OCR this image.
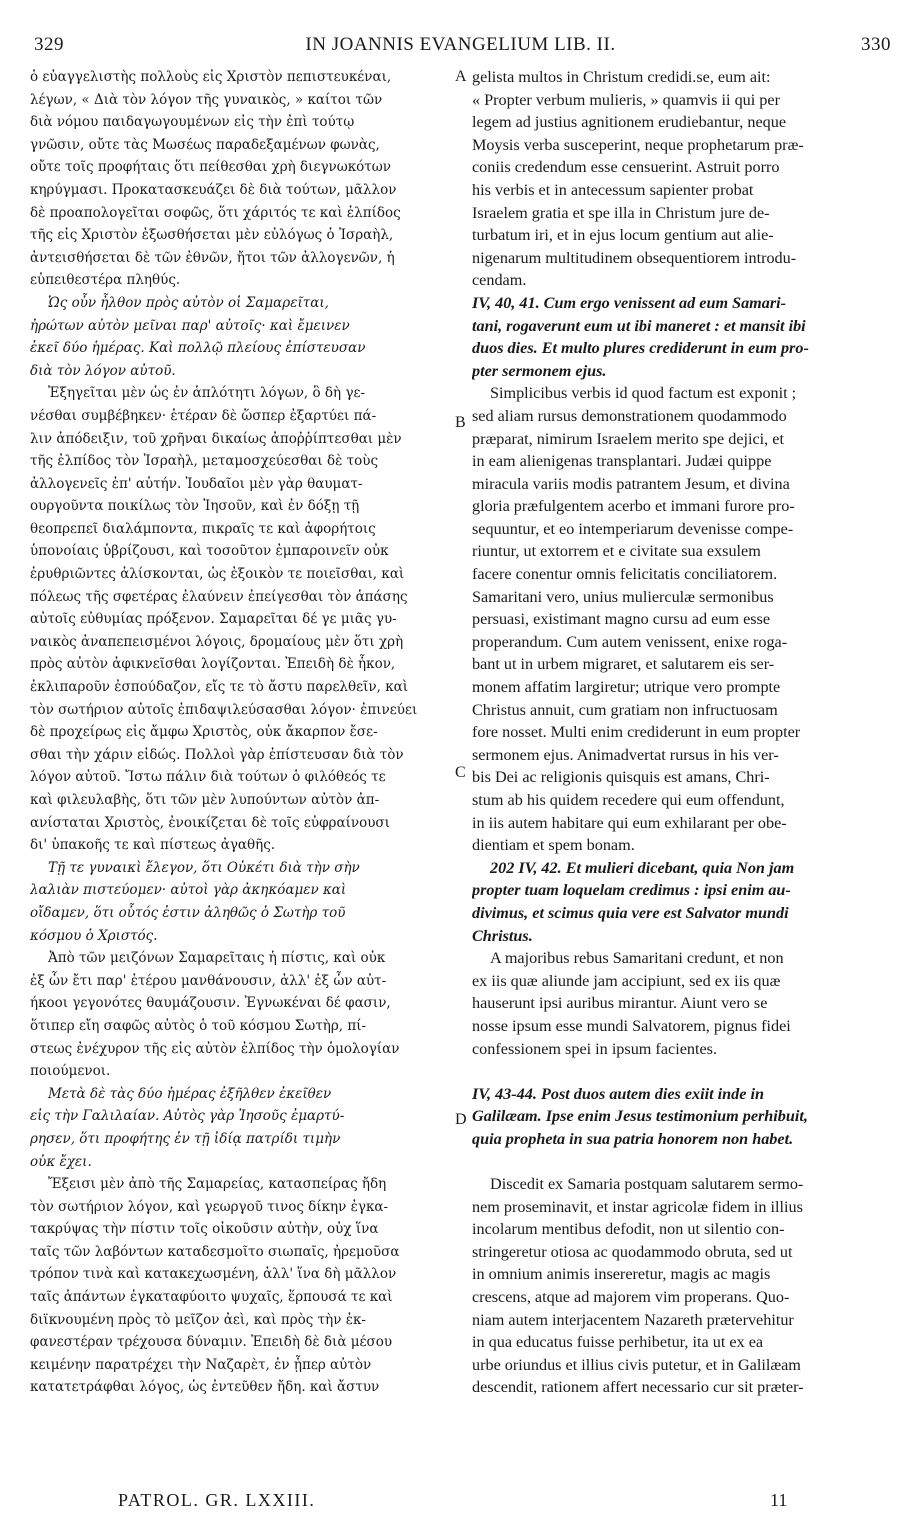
329	IN JOANNIS EVANGELIUM LIB. II.	330
ὁ εὐαγγελιστὴς πολλοὺς εἰς Χριστὸν πεπιστευκέναι,
λέγων, « Διὰ τὸν λόγον τῆς γυναικὸς, » καίτοι τῶν
διὰ νόμου παιδαγωγουμένων εἰς τὴν ἐπὶ τούτῳ
γνῶσιν, οὔτε τὰς Μωσέως παραδεξαμένων φωνὰς,
οὔτε τοῖς προφήταις ὅτι πείθεσθαι χρὴ διεγνωκότων
κηρύγμασι. Προκατασκευάζει δὲ διὰ τούτων, μᾶλλον
δὲ προαπολογεῖται σοφῶς, ὅτι χάριτός τε καὶ ἐλπίδος
τῆς εἰς Χριστὸν ἐξωσθήσεται μὲν εὐλόγως ὁ Ἰσραὴλ,
ἀντεισθήσεται δὲ τῶν ἐθνῶν, ἤτοι τῶν ἀλλογενῶν, ἡ
εὐπειθεστέρα πληθύς.
Ὡς οὖν ἦλθον πρὸς αὐτὸν οἱ Σαμαρεῖται,
ἠρώτων αὐτὸν μεῖναι παρ' αὐτοῖς· καὶ ἔμεινεν
ἐκεῖ δύο ἡμέρας. Καὶ πολλῷ πλείους ἐπίστευσαν
διὰ τὸν λόγον αὐτοῦ.
Ἐξηγεῖται μὲν ὡς ἐν ἁπλότητι λόγων, ὃ δὴ γε-
νέσθαι συμβέβηκεν· ἑτέραν δὲ ὥσπερ ἐξαρτύει πά-
λιν ἀπόδειξιν, τοῦ χρῆναι δικαίως ἀποῤῥίπτεσθαι μὲν
τῆς ἐλπίδος τὸν Ἰσραὴλ, μεταμοσχεύεσθαι δὲ τοὺς
ἀλλογενεῖς ἐπ' αὐτήν. Ἰουδαῖοι μὲν γὰρ θαυματ-
ουργοῦντα ποικίλως τὸν Ἰησοῦν, καὶ ἐν δόξῃ τῇ
θεοπρεπεῖ διαλάμποντα, πικραῖς τε καὶ ἀφορήτοις
ὑπονοίαις ὑβρίζουσι, καὶ τοσοῦτον ἐμπαροινεῖν οὐκ
ἐρυθριῶντες ἁλίσκονται, ὡς ἐξοικὸν τε ποιεῖσθαι, καὶ
πόλεως τῆς σφετέρας ἐλαύνειν ἐπείγεσθαι τὸν ἁπάσης
αὐτοῖς εὐθυμίας πρόξενον. Σαμαρεῖται δέ γε μιᾶς γυ-
ναικὸς ἀναπεπεισμένοι λόγοις, δρομαίους μὲν ὅτι χρὴ
πρὸς αὐτὸν ἀφικνεῖσθαι λογίζονται. Ἐπειδὴ δὲ ἧκον,
ἐκλιπαροῦν ἐσπούδαζον, εἴς τε τὸ ἄστυ παρελθεῖν, καὶ
τὸν σωτήριον αὐτοῖς ἐπιδαψιλεύσασθαι λόγον· ἐπινεύει
δὲ προχείρως εἰς ἄμφω Χριστὸς, οὐκ ἄκαρπον ἔσε-
σθαι τὴν χάριν εἰδώς. Πολλοὶ γὰρ ἐπίστευσαν διὰ τὸν
λόγον αὐτοῦ. Ἴστω πάλιν διὰ τούτων ὁ φιλόθεός τε
καὶ φιλευλαβὴς, ὅτι τῶν μὲν λυπούντων αὐτὸν ἀπ-
ανίσταται Χριστὸς, ἐνοικίζεται δὲ τοῖς εὐφραίνουσι
δι' ὑπακοῆς τε καὶ πίστεως ἀγαθῆς.
Τῇ τε γυναικὶ ἔλεγον, ὅτι Οὐκέτι διὰ τὴν σὴν
λαλιὰν πιστεύομεν· αὐτοὶ γὰρ ἀκηκόαμεν καὶ
οἴδαμεν, ὅτι οὗτός ἐστιν ἀληθῶς ὁ Σωτὴρ τοῦ
κόσμου ὁ Χριστός.
Ἀπὸ τῶν μειζόνων Σαμαρεῖταις ἡ πίστις, καὶ οὐκ
ἐξ ὧν ἔτι παρ' ἑτέρου μανθάνουσιν, ἀλλ' ἐξ ὧν αὐτ-
ήκοοι γεγονότες θαυμάζουσιν. Ἐγνωκέναι δέ φασιν,
ὅτιπερ εἴη σαφῶς αὐτὸς ὁ τοῦ κόσμου Σωτὴρ, πί-
στεως ἐνέχυρον τῆς εἰς αὐτὸν ἐλπίδος τὴν ὁμολογίαν
ποιούμενοι.
Μετὰ δὲ τὰς δύο ἡμέρας ἐξῆλθεν ἐκεῖθεν
εἰς τὴν Γαλιλαίαν. Αὐτὸς γὰρ Ἰησοῦς ἐμαρτύ-
ρησεν, ὅτι προφήτης ἐν τῇ ἰδίᾳ πατρίδι τιμὴν
οὐκ ἔχει.
Ἔξεισι μὲν ἀπὸ τῆς Σαμαρείας, κατασπείρας ἤδη
τὸν σωτήριον λόγον, καὶ γεωργοῦ τινος δίκην ἐγκα-
τακρύψας τὴν πίστιν τοῖς οἰκοῦσιν αὐτὴν, οὐχ ἵνα
ταῖς τῶν λαβόντων καταδεσμοῖτο σιωπαῖς, ἠρεμοῦσα
τρόπον τινὰ καὶ κατακεχωσμένη, ἀλλ' ἵνα δὴ μᾶλλον
ταῖς ἁπάντων ἐγκαταφύοιτο ψυχαῖς, ἕρπουσά τε καὶ
διϊκνουμένη πρὸς τὸ μεῖζον ἀεὶ, καὶ πρὸς τὴν ἐκ-
φανεστέραν τρέχουσα δύναμιν. Ἐπειδὴ δὲ διὰ μέσου
κειμένην παρατρέχει τὴν Ναζαρὲτ, ἐν ᾗπερ αὐτὸν
κατατετράφθαι λόγος, ὡς ἐντεῦθεν ἤδη. καὶ ἄστυν
gelista multos in Christum credidi.se, eum ait:
« Propter verbum mulieris, » quamvis ii qui per
legem ad justius agnitionem erudiebantur, neque
Moysis verba susceperint, neque prophetarum præ-
coniis credendum esse censuerint. Astruit porro
his verbis et in antecessum sapienter probat
Israelem gratia et spe illa in Christum jure de-
turbatum iri, et in ejus locum gentium aut alie-
nigenarum multitudinem obsequentiorem introdu-
cendam.
IV, 40, 41. Cum ergo venissent ad eum Samari-
tani, rogaverunt eum ut ibi maneret : et mansit ibi
duos dies. Et multo plures crediderunt in eum pro-
pter sermonem ejus.
Simplicibus verbis id quod factum est exponit ;
sed aliam rursus demonstrationem quodammodo
præparat, nimirum Israelem merito spe dejici, et
in eam alienigenas transplantari. Judæi quippe
miracula variis modis patrantem Jesum, et divina
gloria præfulgentem acerbo et immani furore pro-
sequuntur, et eo intemperiarum devenisse compe-
riuntur, ut extorrem et e civitate sua exsulem
facere conentur omnis felicitatis conciliatorem.
Samaritani vero, unius mulierculæ sermonibus
persuasi, existimant magno cursu ad eum esse
properandum. Cum autem venissent, enixe roga-
bant ut in urbem migraret, et salutarem eis ser-
monem affatim largiretur; utrique vero prompte
Christus annuit, cum gratiam non infructuosam
fore nosset. Multi enim crediderunt in eum propter
sermonem ejus. Animadvertat rursus in his ver-
bis Dei ac religionis quisquis est amans, Chri-
stum ab his quidem recedere qui eum offendunt,
in iis autem habitare qui eum exhilarant per obe-
dientiam et spem bonam.
202 IV, 42. Et mulieri dicebant, quia Non jam
propter tuam loquelam credimus : ipsi enim au-
divimus, et scimus quia vere est Salvator mundi
Christus.
A majoribus rebus Samaritani credunt, et non
ex iis quæ aliunde jam accipiunt, sed ex iis quæ
hauserunt ipsi auribus mirantur. Aiunt vero se
nosse ipsum esse mundi Salvatorem, pignus fidei
confessionem spei in ipsum facientes.
IV, 43-44. Post duos autem dies exiit inde in
Galilæam. Ipse enim Jesus testimonium perhibuit,
quia propheta in sua patria honorem non habet.
Discedit ex Samaria postquam salutarem sermo-
nem proseminavit, et instar agricolæ fidem in illius
incolarum mentibus defodit, non ut silentio con-
stringeretur otiosa ac quodammodo obruta, sed ut
in omnium animis insereretur, magis ac magis
crescens, atque ad majorem vim properans. Quo-
niam autem interjacentem Nazareth prætervehitur
in qua educatus fuisse perhibetur, ita ut ex ea
urbe oriundus et illius civis putetur, et in Galilæam
descendit, rationem affert necessario cur sit præter-
A
B
C
D
PATROL. GR. LXXIII.	11
